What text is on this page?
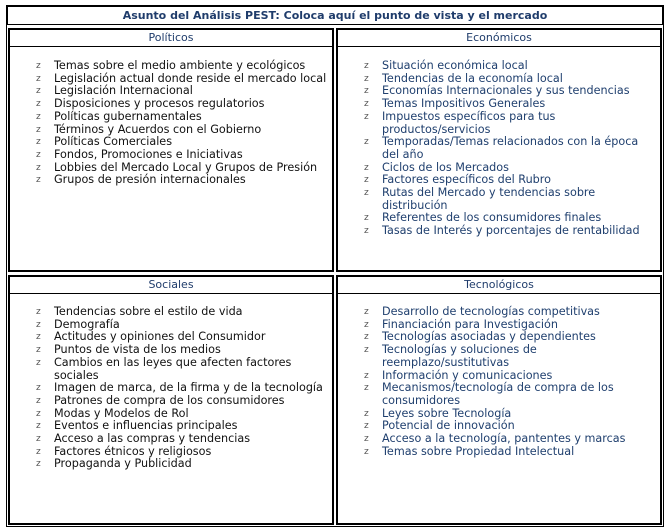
Asunto del Análisis PEST: Coloca aquí el punto de vista y el mercado
Políticos
z Temas sobre el medio ambiente y ecológicos
z Legislación actual donde reside el mercado local
z Legislación Internacional
z Disposiciones y procesos regulatorios
z Políticas gubernamentales
z Términos y Acuerdos con el Gobierno
z Políticas Comerciales
z Fondos, Promociones e Iniciativas
z Lobbies del Mercado Local y Grupos de Presión
z Grupos de presión internacionales
Económicos
z Situación económica local
z Tendencias de la economía local
z Economías Internacionales y sus tendencias
z Temas Impositivos Generales
z Impuestos específicos para tus productos/servicios
z Temporadas/Temas relacionados con la época del año
z Ciclos de los Mercados
z Factores específicos del Rubro
z Rutas del Mercado y tendencias sobre distribución
z Referentes de los consumidores finales
z Tasas de Interés y porcentajes de rentabilidad
Sociales
z Tendencias sobre el estilo de vida
z Demografía
z Actitudes y opiniones del Consumidor
z Puntos de vista de los medios
z Cambios en las leyes que afecten factores sociales
z Imagen de marca, de la firma y de la tecnología
z Patrones de compra de los consumidores
z Modas y Modelos de Rol
z Eventos e influencias principales
z Acceso a las compras y tendencias
z Factores étnicos y religiosos
z Propaganda y Publicidad
Tecnológicos
z Desarrollo de tecnologías competitivas
z Financiación para Investigación
z Tecnologías asociadas y dependientes
z Tecnologías y soluciones de reemplazo/sustitutivas
z Información y comunicaciones
z Mecanismos/tecnología de compra de los consumidores
z Leyes sobre Tecnología
z Potencial de innovación
z Acceso a la tecnología, pantentes y marcas
z Temas sobre Propiedad Intelectual
